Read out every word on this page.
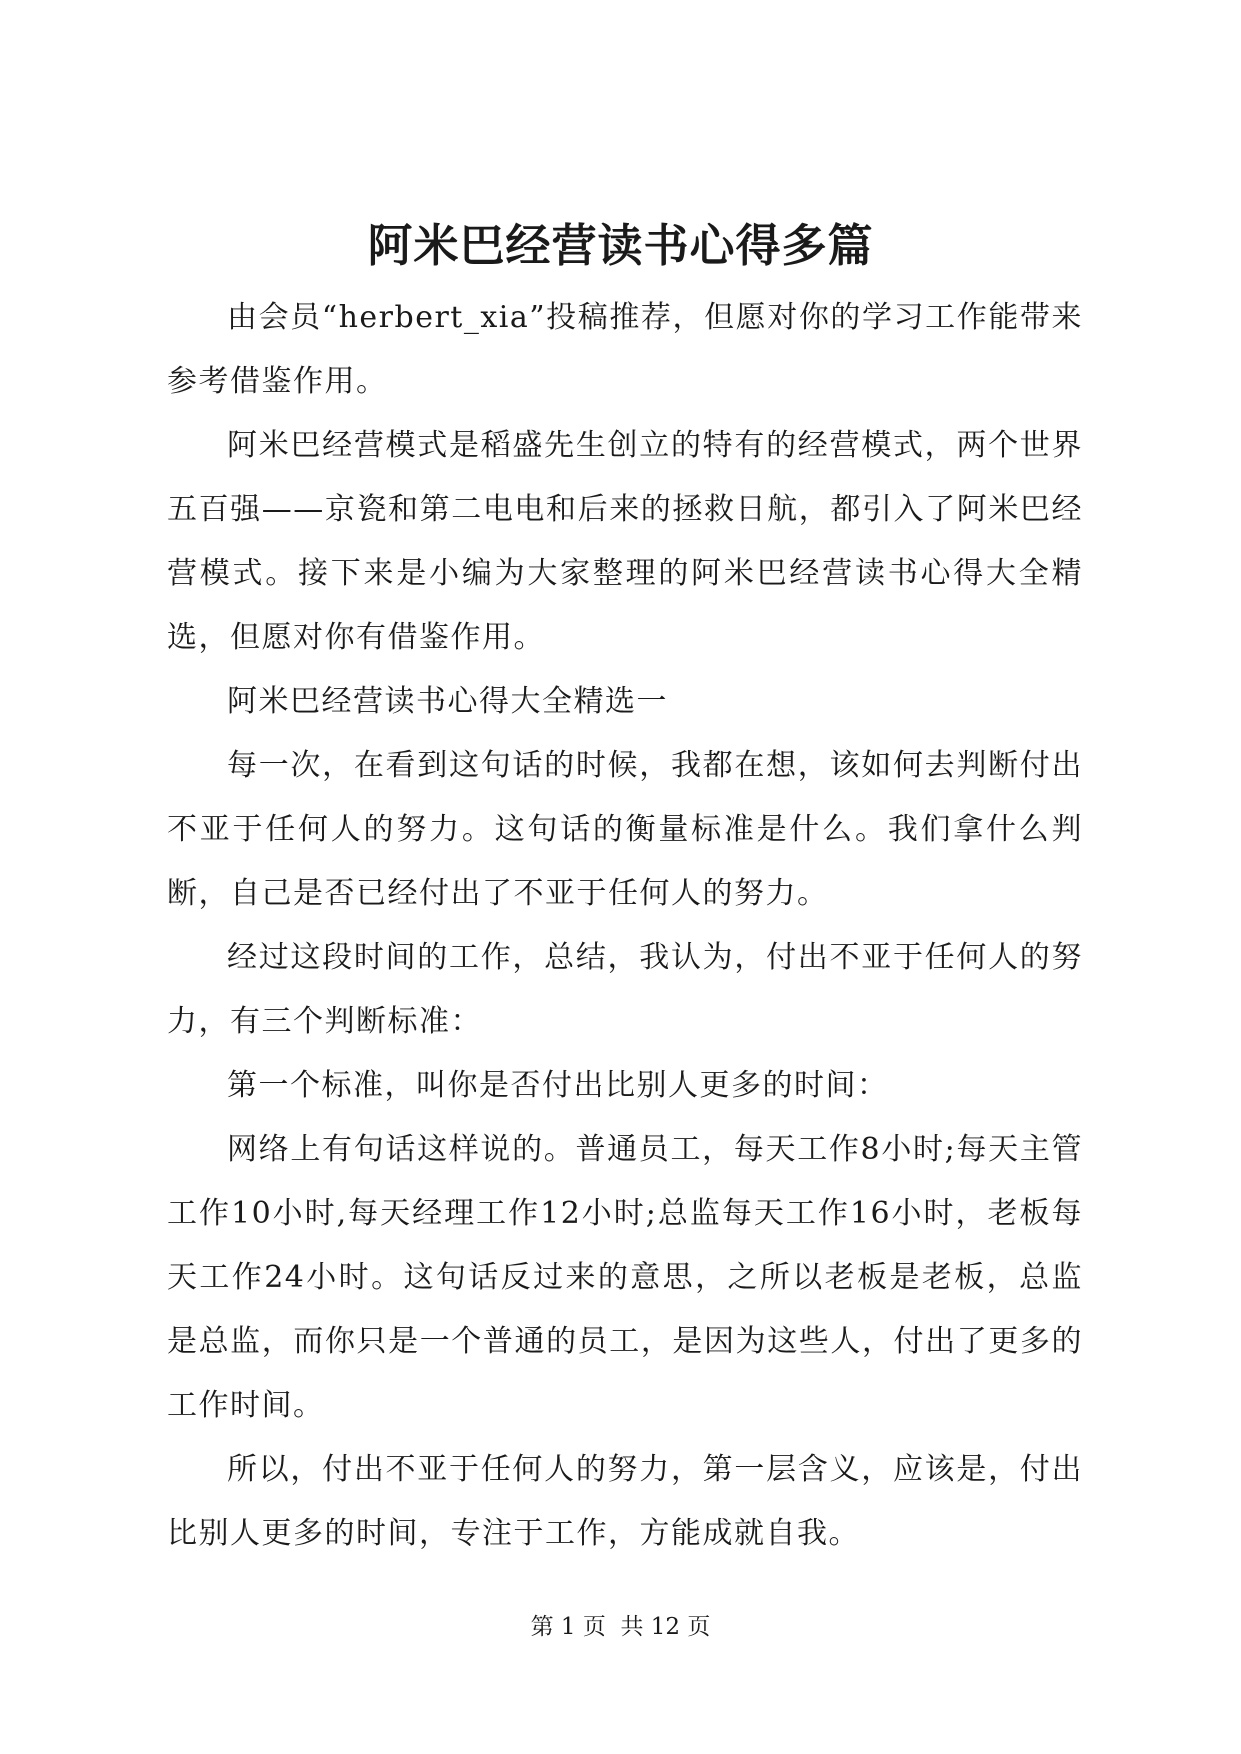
阿米巴经营读书心得多篇

由会员“herbert_xia”投稿推荐，但愿对你的学习工作能带来参考借鉴作用。

阿米巴经营模式是稻盛先生创立的特有的经营模式，两个世界五百强——京瓷和第二电电和后来的拯救日航，都引入了阿米巴经营模式。接下来是小编为大家整理的阿米巴经营读书心得大全精选，但愿对你有借鉴作用。

阿米巴经营读书心得大全精选一

每一次，在看到这句话的时候，我都在想，该如何去判断付出不亚于任何人的努力。这句话的衡量标准是什么。我们拿什么判断，自己是否已经付出了不亚于任何人的努力。

经过这段时间的工作，总结，我认为，付出不亚于任何人的努力，有三个判断标准：

第一个标准，叫你是否付出比别人更多的时间：

网络上有句话这样说的。普通员工，每天工作8小时;每天主管工作10小时,每天经理工作12小时;总监每天工作16小时，老板每天工作24小时。这句话反过来的意思，之所以老板是老板，总监是总监，而你只是一个普通的员工，是因为这些人，付出了更多的工作时间。

所以，付出不亚于任何人的努力，第一层含义，应该是，付出比别人更多的时间，专注于工作，方能成就自我。

第 1 页  共 12 页
